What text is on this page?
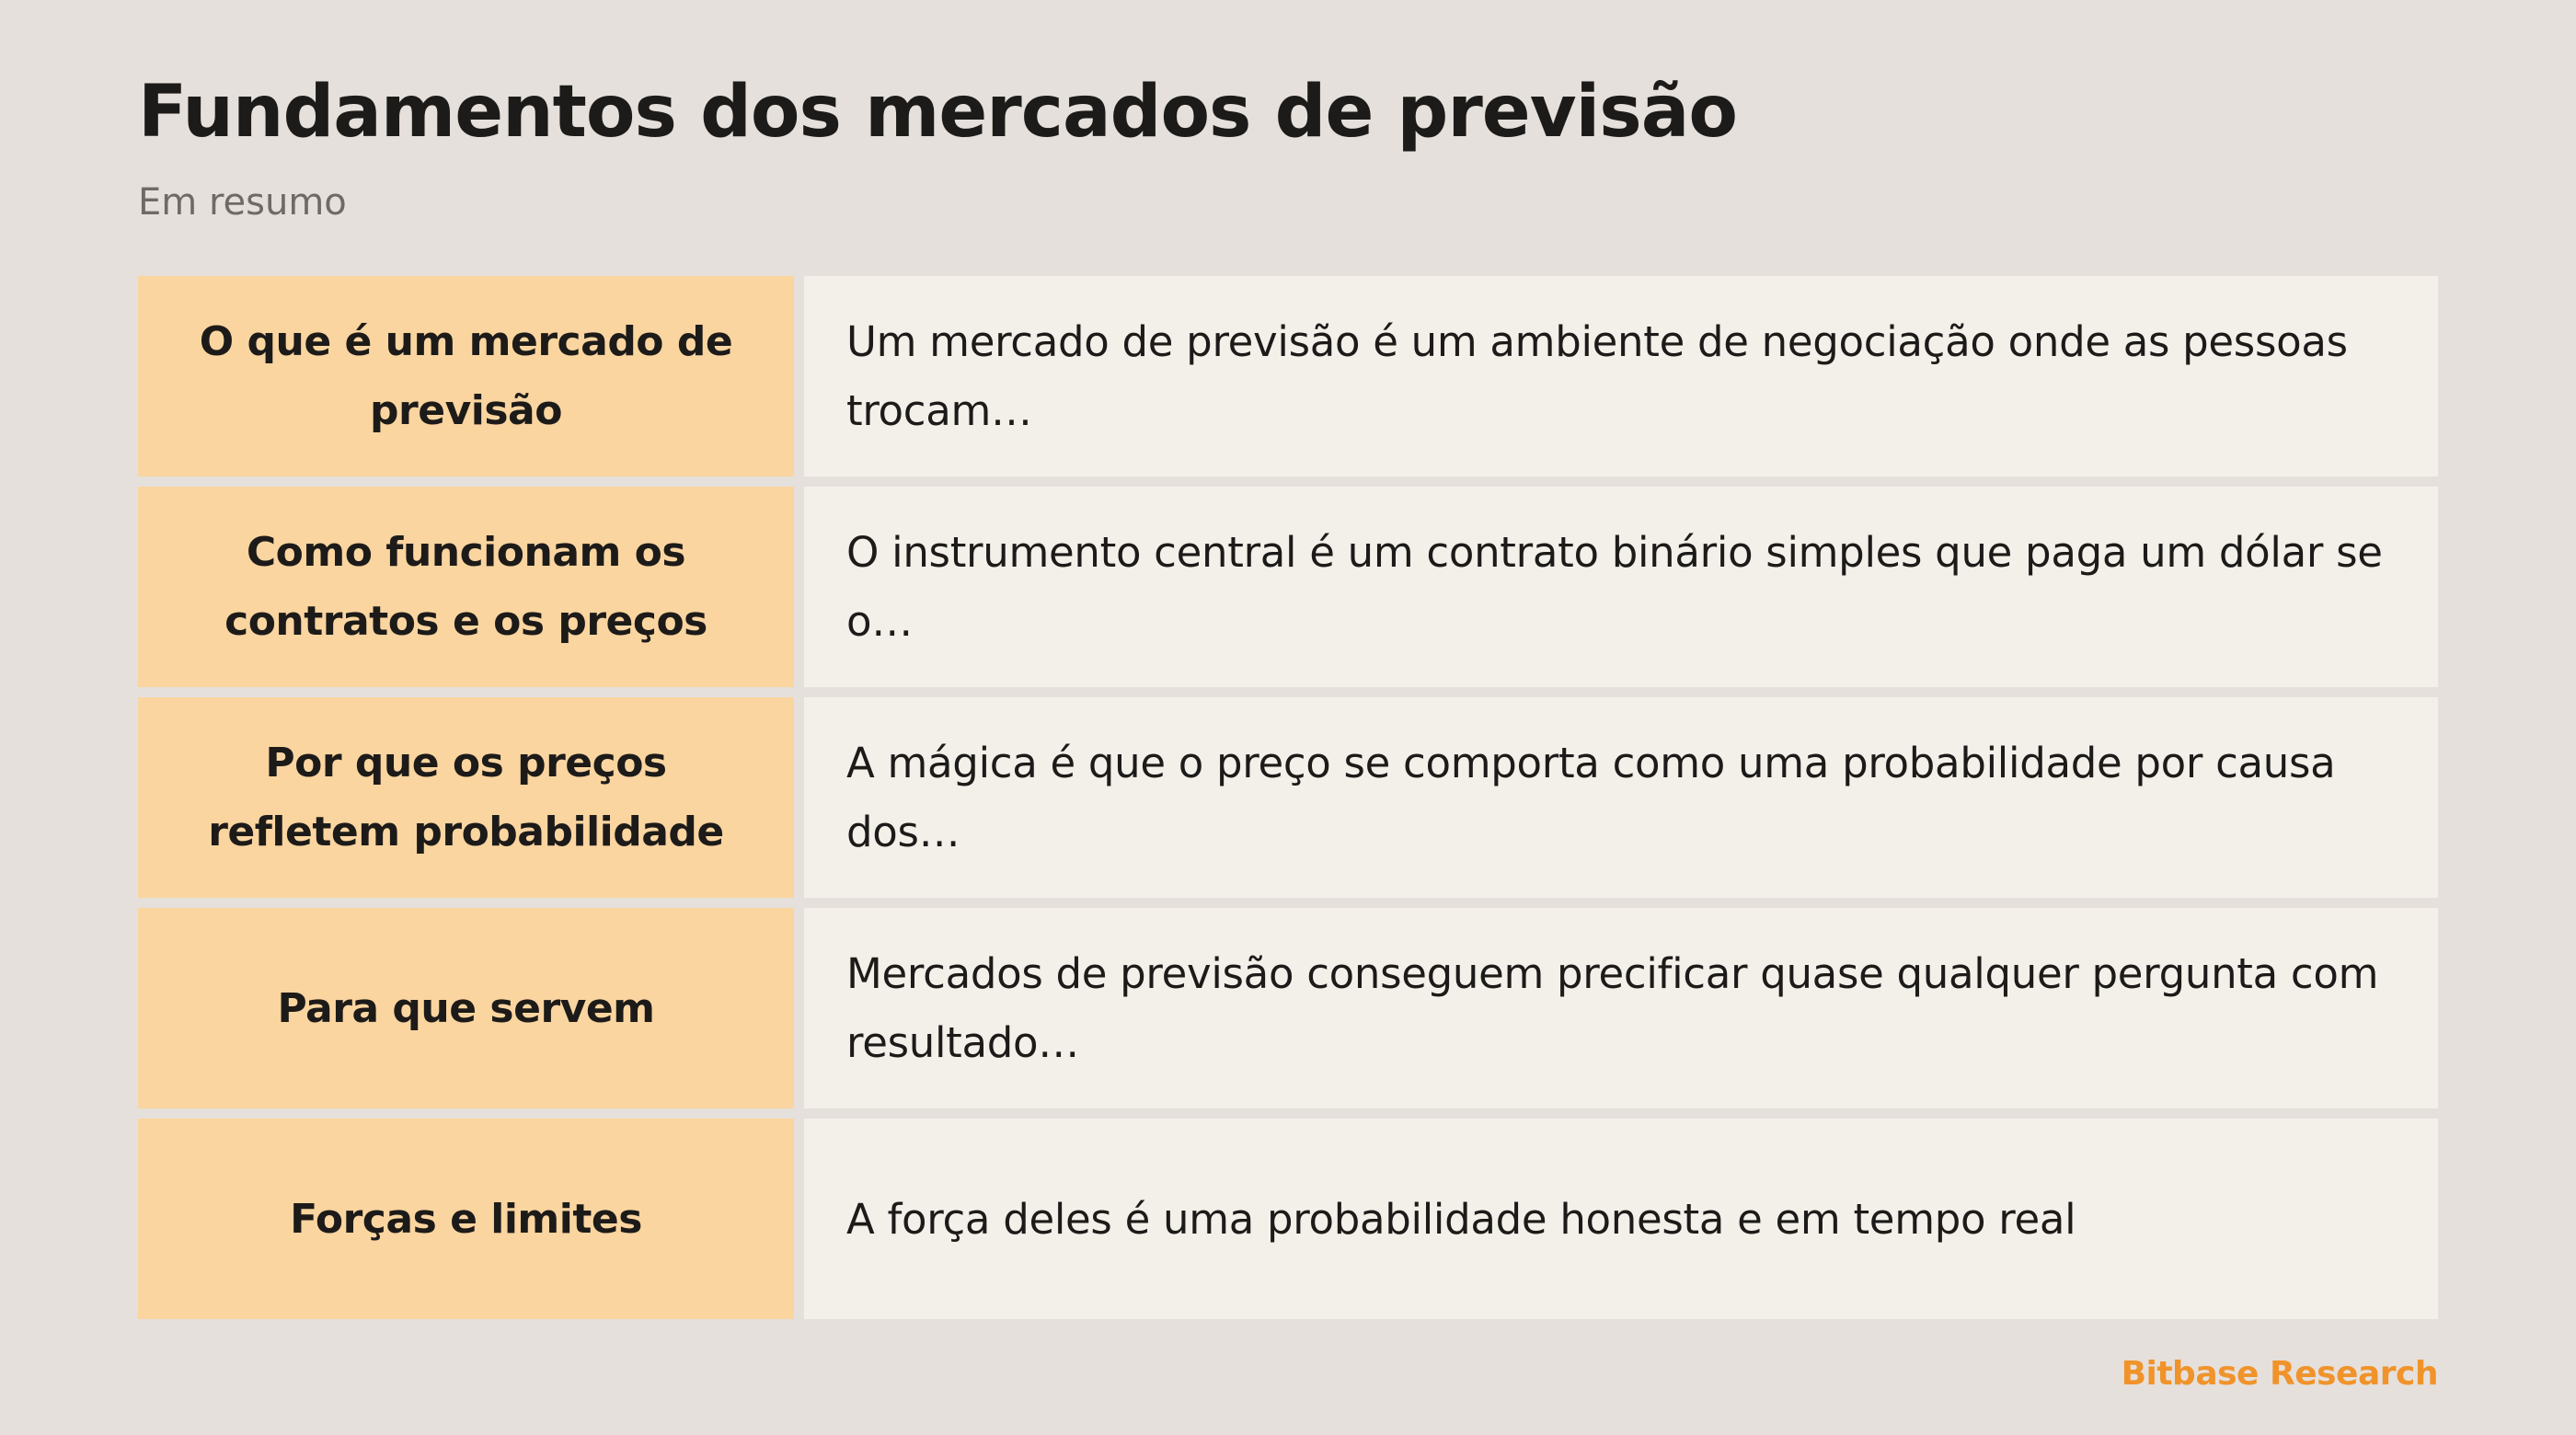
Fundamentos dos mercados de previsão
Em resumo
O que é um mercado de previsão
Um mercado de previsão é um ambiente de negociação onde as pessoas trocam…
Como funcionam os contratos e os preços
O instrumento central é um contrato binário simples que paga um dólar se o…
Por que os preços refletem probabilidade
A mágica é que o preço se comporta como uma probabilidade por causa dos…
Para que servem
Mercados de previsão conseguem precificar quase qualquer pergunta com resultado…
Forças e limites	A força deles é uma probabilidade honesta e em tempo real
Bitbase Research
